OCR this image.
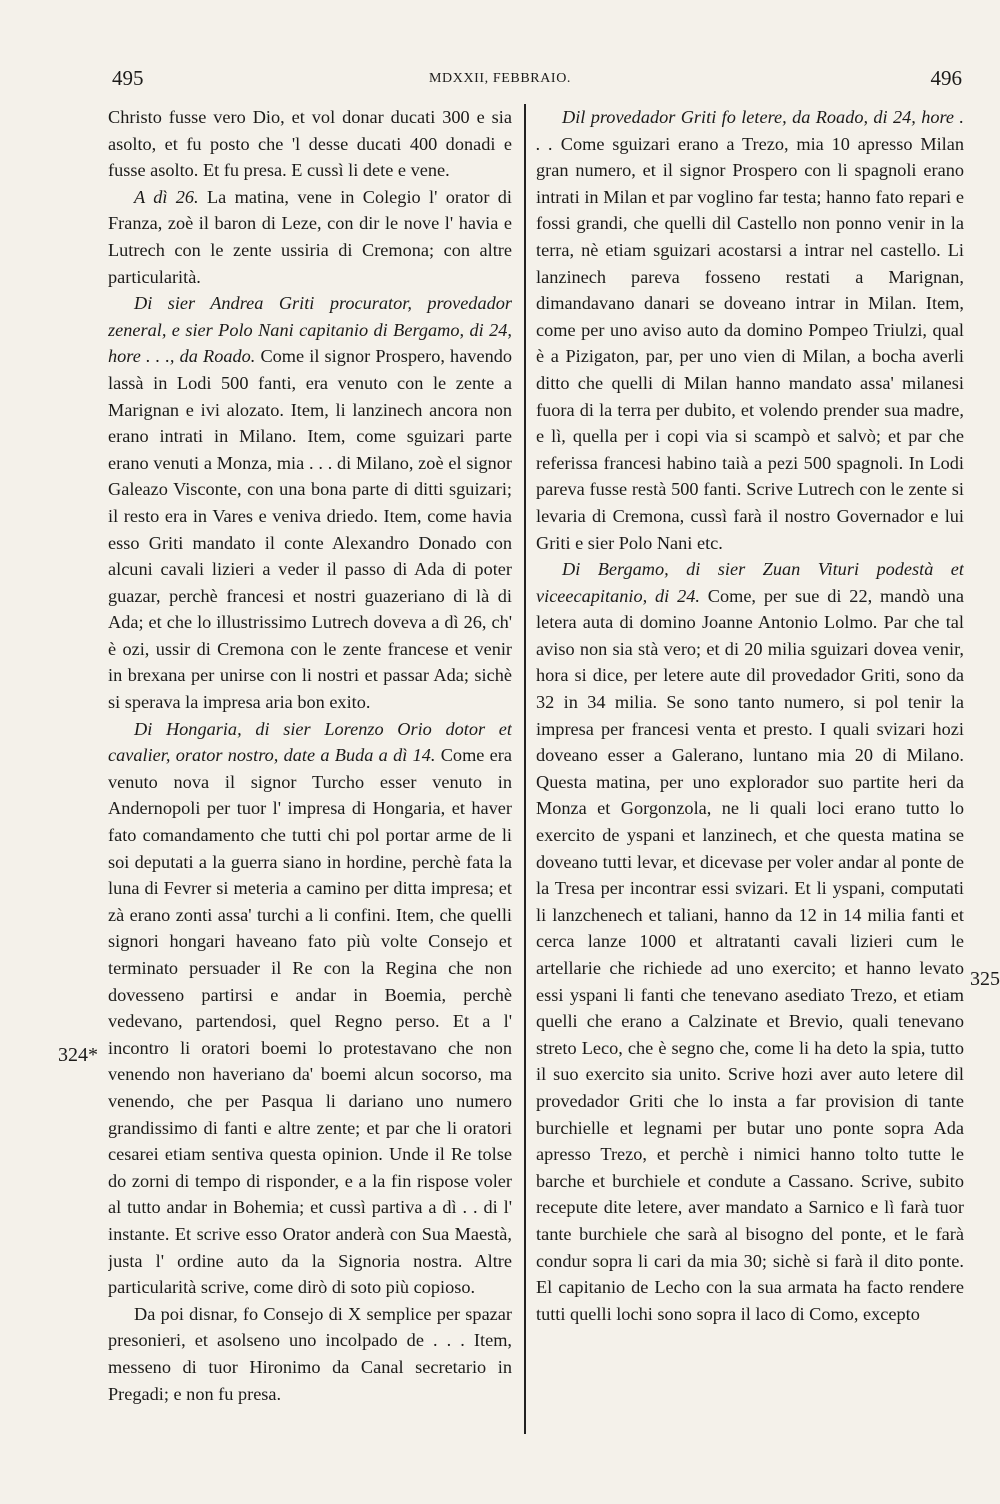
495	MDXXII, FEBBRAIO.	496

Christo fusse vero Dio, et vol donar ducati 300 e sia asolto, et fu posto che 'l desse ducati 400 donadi e fusse asolto. Et fu presa. E cussì li dete e vene.

A dì 26. La matina, vene in Colegio l' orator di Franza, zoè il baron di Leze, con dir le nove l' havia e Lutrech con le zente ussiria di Cremona; con altre particularità.

Di sier Andrea Griti procurator, provedador zeneral, e sier Polo Nani capitanio di Bergamo, di 24, hore . . ., da Roado. Come il signor Prospero, havendo lassà in Lodi 500 fanti, era venuto con le zente a Marignan e ivi alozato. Item, li lanzinech ancora non erano intrati in Milano. Item, come sguizari parte erano venuti a Monza, mia . . . di Milano, zoè el signor Galeazo Visconte, con una bona parte di ditti sguizari; il resto era in Vares e veniva driedo. Item, come havia esso Griti mandato il conte Alexandro Donado con alcuni cavali lizieri a veder il passo di Ada di poter guazar, perchè francesi et nostri guazeriano di là di Ada; et che lo illustrissimo Lutrech doveva a dì 26, ch' è ozi, ussir di Cremona con le zente francese et venir in brexana per unirse con li nostri et passar Ada; sichè si sperava la impresa aria bon exito.

Di Hongaria, di sier Lorenzo Orio dotor et cavalier, orator nostro, date a Buda a dì 14. Come era venuto nova il signor Turcho esser venuto in Andernopoli per tuor l' impresa di Hongaria, et haver fato comandamento che tutti chi pol portar arme de li soi deputati a la guerra siano in hordine, perchè fata la luna di Fevrer si meteria a camino per ditta impresa; et zà erano zonti assa' turchi a li confini. Item, che quelli signori hongari haveano fato più volte Consejo et terminato persuader il Re con la Regina che non dovesseno partirsi e andar in Boemia, perchè vedevano, partendosi, quel Regno perso. Et a l' incontro li oratori boemi lo protestavano che non venendo non haveriano da' boemi alcun socorso, ma venendo, che per Pasqua li dariano uno numero grandissimo di fanti e altre zente; et par che li oratori cesarei etiam sentiva questa opinion. Unde il Re tolse do zorni di tempo di risponder, e a la fin rispose voler al tutto andar in Bohemia; et cussì partiva a dì . . di l' instante. Et scrive esso Orator anderà con Sua Maestà, justa l' ordine auto da la Signoria nostra. Altre particularità scrive, come dirò di soto più copioso.

Da poi disnar, fo Consejo di X semplice per spazar presonieri, et asolseno uno incolpado de . . . Item, messeno di tuor Hironimo da Canal secretario in Pregadi; e non fu presa.

Dil provedador Griti fo letere, da Roado, di 24, hore . . . Come sguizari erano a Trezo, mia 10 apresso Milan gran numero, et il signor Prospero con li spagnoli erano intrati in Milan et par voglino far testa; hanno fato repari e fossi grandi, che quelli dil Castello non ponno venir in la terra, nè etiam sguizari acostarsi a intrar nel castello. Li lanzinech pareva fosseno restati a Marignan, dimandavano danari se doveano intrar in Milan. Item, come per uno aviso auto da domino Pompeo Triulzi, qual è a Pizigaton, par, per uno vien di Milan, a bocha averli ditto che quelli di Milan hanno mandato assa' milanesi fuora di la terra per dubito, et volendo prender sua madre, e lì, quella per i copi via si scampò et salvò; et par che referissa francesi habino taià a pezi 500 spagnoli. In Lodi pareva fusse restà 500 fanti. Scrive Lutrech con le zente si levaria di Cremona, cussì farà il nostro Governador e lui Griti e sier Polo Nani etc.

Di Bergamo, di sier Zuan Vituri podestà et viceecapitanio, di 24. Come, per sue di 22, mandò una letera auta di domino Joanne Antonio Lolmo. Par che tal aviso non sia stà vero; et di 20 milia sguizari dovea venir, hora si dice, per letere aute dil provedador Griti, sono da 32 in 34 milia. Se sono tanto numero, si pol tenir la impresa per francesi venta et presto. I quali svizari hozi doveano esser a Galerano, luntano mia 20 di Milano. Questa matina, per uno explorador suo partite heri da Monza et Gorgonzola, ne li quali loci erano tutto lo exercito de yspani et lanzinech, et che questa matina se doveano tutti levar, et dicevase per voler andar al ponte de la Tresa per incontrar essi svizari. Et li yspani, computati li lanzchenech et taliani, hanno da 12 in 14 milia fanti et cerca lanze 1000 et altratanti cavali lizieri cum le artellarie che richiede ad uno exercito; et hanno levato essi yspani li fanti che tenevano asediato Trezo, et etiam quelli che erano a Calzinate et Brevio, quali tenevano streto Leco, che è segno che, come li ha deto la spia, tutto il suo exercito sia unito. Scrive hozi aver auto letere dil provedador Griti che lo insta a far provision di tante burchielle et legnami per butar uno ponte sopra Ada apresso Trezo, et perchè i nimici hanno tolto tutte le barche et burchiele et condute a Cassano. Scrive, subito recepute dite letere, aver mandato a Sarnico e lì farà tuor tante burchiele che sarà al bisogno del ponte, et le farà condur sopra li cari da mia 30; sichè si farà il dito ponte. El capitanio de Lecho con la sua armata ha facto rendere tutti quelli lochi sono sopra il laco di Como, excepto

324*
325
